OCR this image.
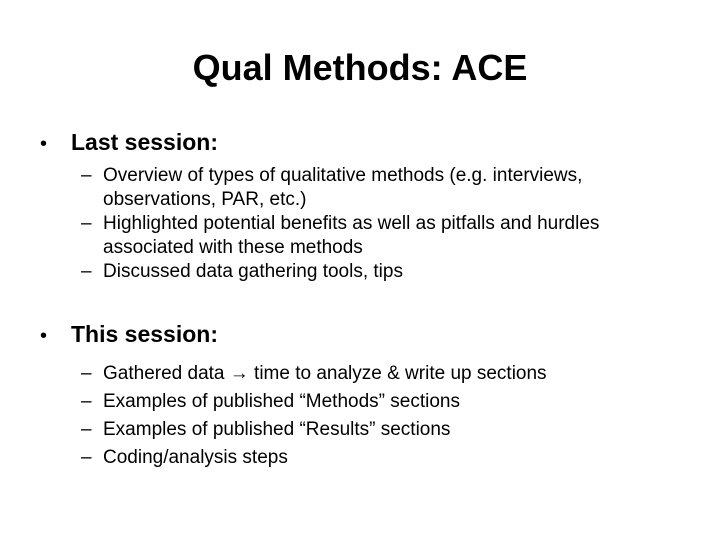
Qual Methods: ACE
•	Last session:
– Overview of types of qualitative methods (e.g. interviews, observations, PAR, etc.)
– Highlighted potential benefits as well as pitfalls and hurdles associated with these methods
– Discussed data gathering tools, tips
•	This session:
– Gathered data → time to analyze & write up sections
– Examples of published “Methods” sections
– Examples of published “Results” sections
– Coding/analysis steps
